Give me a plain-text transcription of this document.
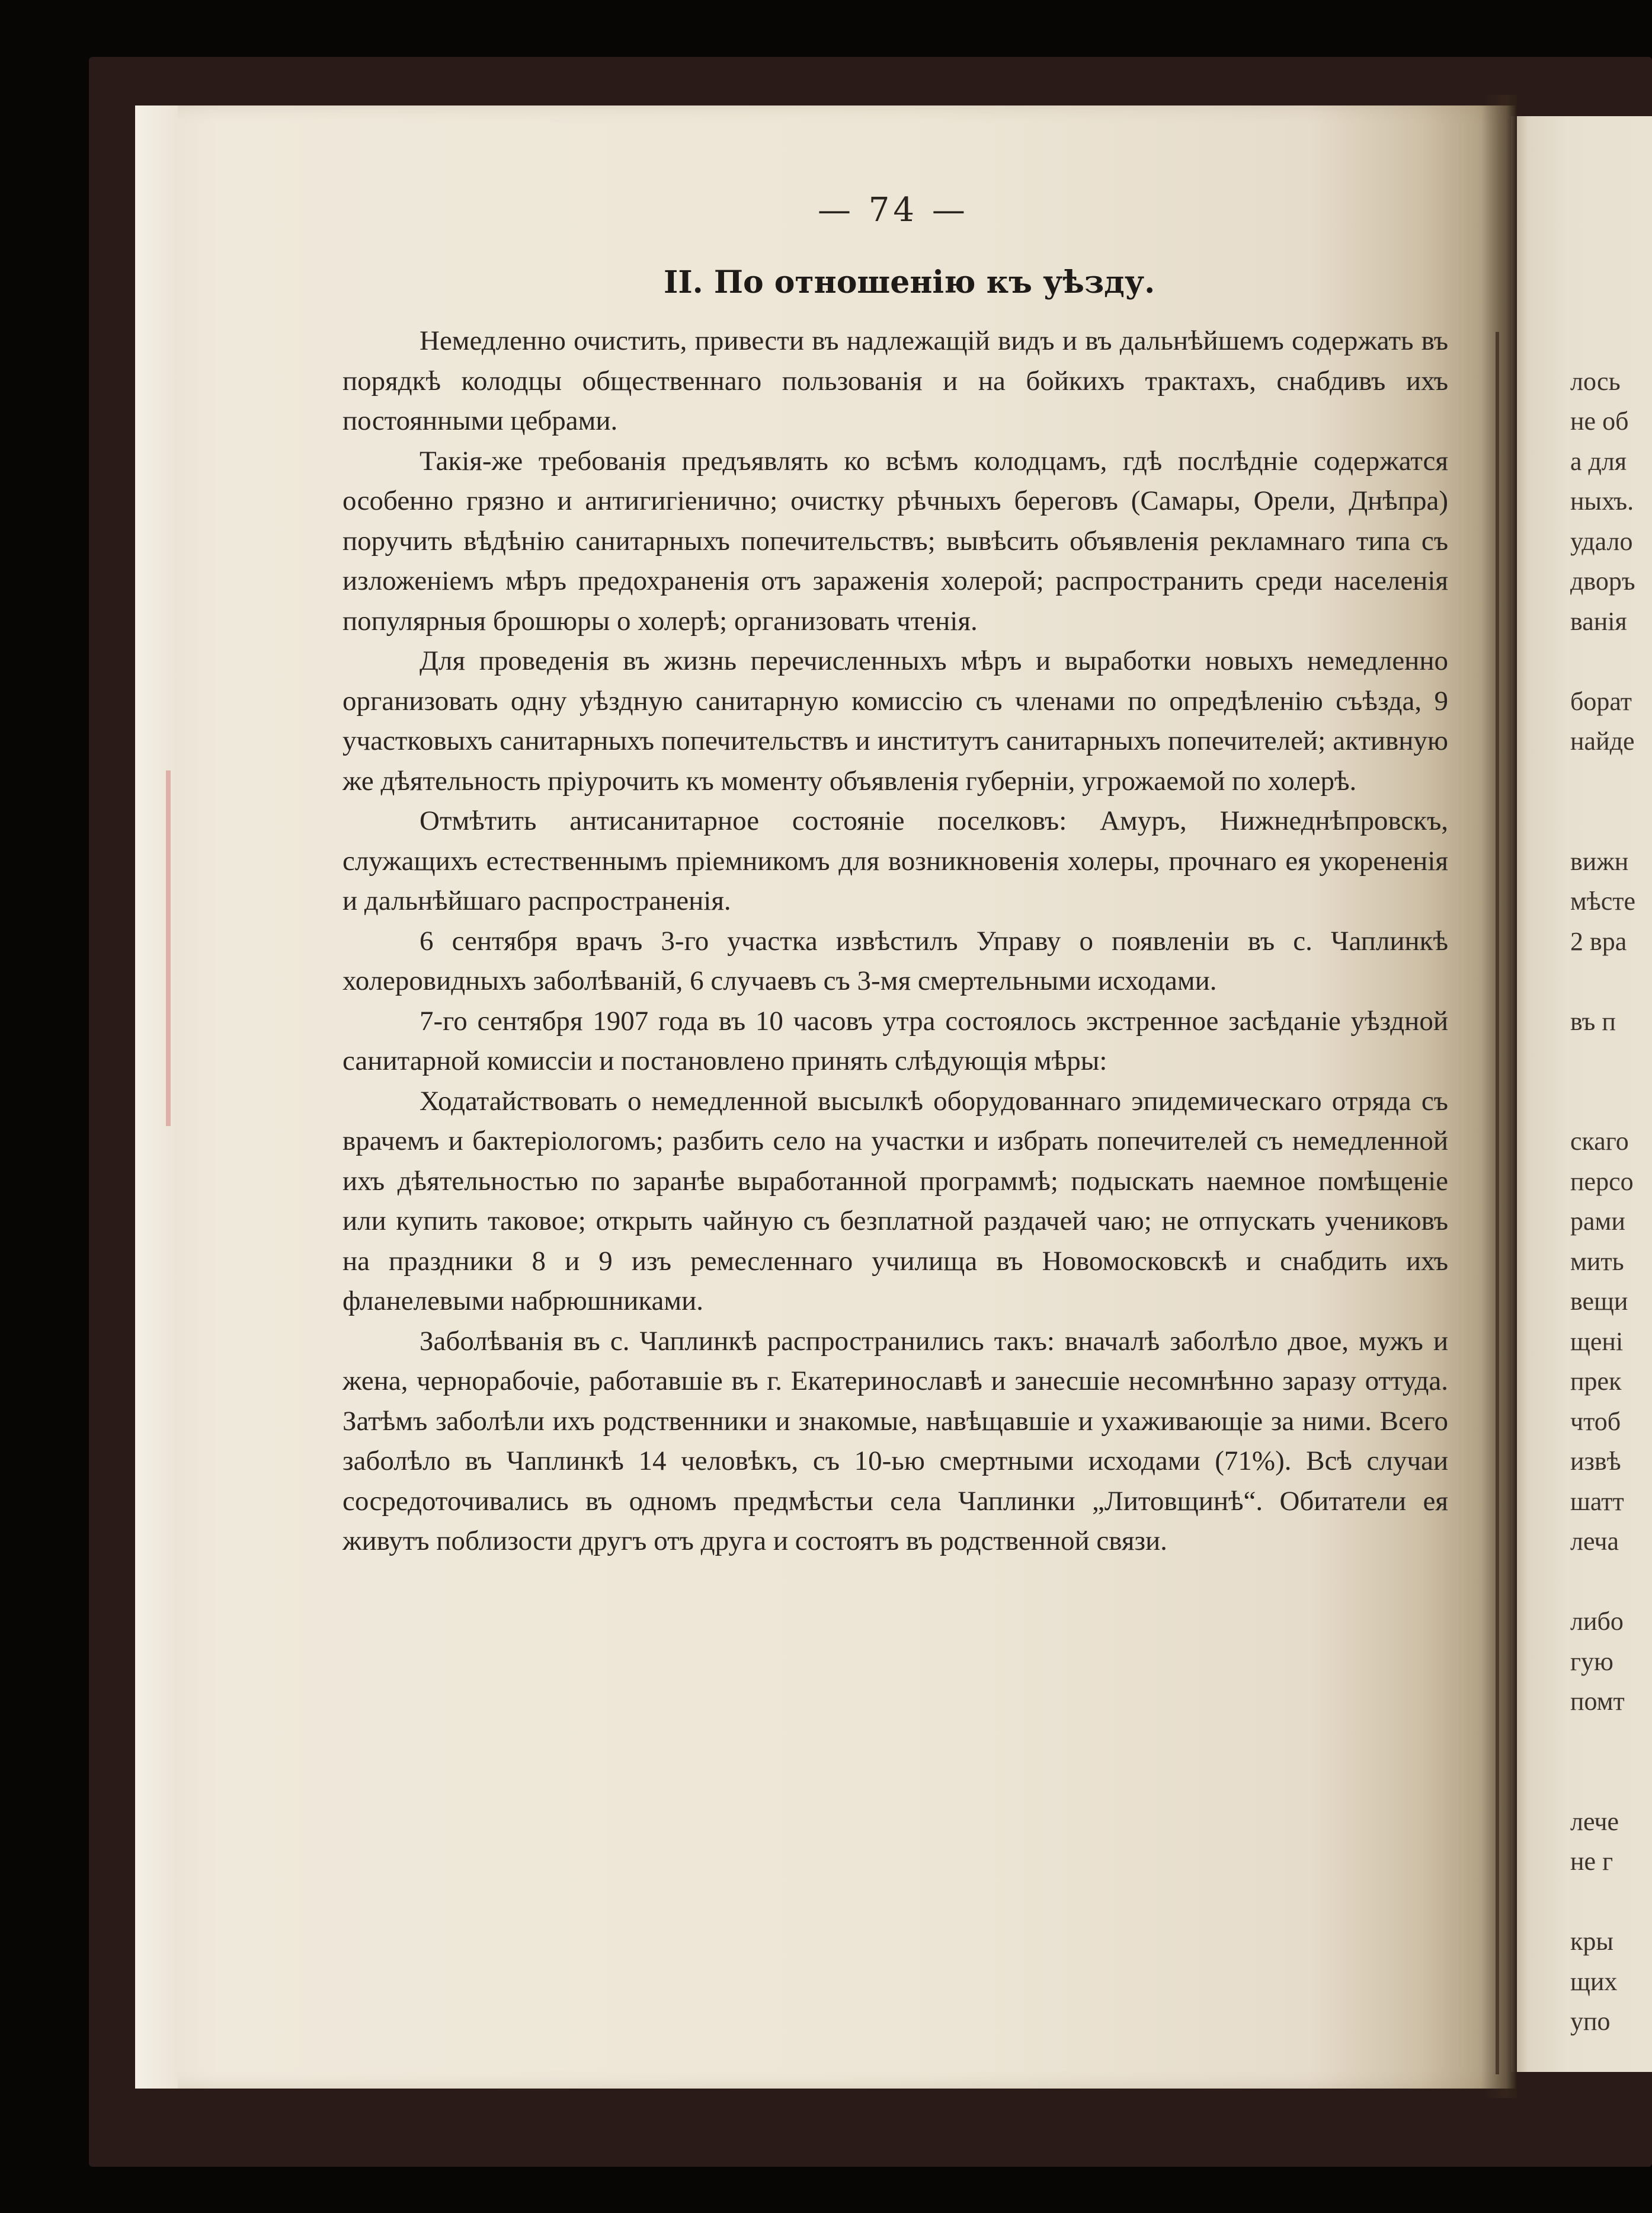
— 74 —
II. По отношенію къ уѣзду.

Немедленно очистить, привести въ надлежащій видъ и въ дальнѣйшемъ содержать въ порядкѣ колодцы общественнаго пользованія и на бойкихъ трактахъ, снабдивъ ихъ постоянными цебрами.

Такія-же требованія предъявлять ко всѣмъ колодцамъ, гдѣ послѣдніе содержатся особенно грязно и антигигіенично; очистку рѣчныхъ береговъ (Самары, Орели, Днѣпра) поручить вѣдѣнію санитарныхъ попечительствъ; вывѣсить объявленія рекламнаго типа съ изложеніемъ мѣръ предохраненія отъ зараженія холерой; распространить среди населенія популярныя брошюры о холерѣ; организовать чтенія.

Для проведенія въ жизнь перечисленныхъ мѣръ и выработки новыхъ немедленно организовать одну уѣздную санитарную комиссію съ членами по опредѣленію съѣзда, 9 участковыхъ санитарныхъ попечительствъ и институтъ санитарныхъ попечителей; активную же дѣятельность пріурочить къ моменту объявленія губерніи, угрожаемой по холерѣ.

Отмѣтить антисанитарное состояніе поселковъ: Амуръ, Нижнеднѣпровскъ, служащихъ естественнымъ пріемникомъ для возникновенія холеры, прочнаго ея укорененія и дальнѣйшаго распространенія.

6 сентября врачъ 3-го участка извѣстилъ Управу о появленіи въ с. Чаплинкѣ холеровидныхъ заболѣваній, 6 случаевъ съ 3-мя смертельными исходами.

7-го сентября 1907 года въ 10 часовъ утра состоялось экстренное засѣданіе уѣздной санитарной комиссіи и постановлено принять слѣдующія мѣры:

Ходатайствовать о немедленной высылкѣ оборудованнаго эпидемическаго отряда съ врачемъ и бактеріологомъ; разбить село на участки и избрать попечителей съ немедленной ихъ дѣятельностью по заранѣе выработанной программѣ; подыскать наемное помѣщеніе или купить таковое; открыть чайную съ безплатной раздачей чаю; не отпускать учениковъ на праздники 8 и 9 изъ ремесленнаго училища въ Новомосковскѣ и снабдить ихъ фланелевыми набрюшниками.

Заболѣванія въ с. Чаплинкѣ распространились такъ: вначалѣ заболѣло двое, мужъ и жена, чернорабочіе, работавшіе въ г. Екатеринославѣ и занесшіе несомнѣнно заразу оттуда. Затѣмъ заболѣли ихъ родственники и знакомые, навѣщавшіе и ухаживающіе за ними. Всего заболѣло въ Чаплинкѣ 14 человѣкъ, съ 10-ью смертными исходами (71%). Всѣ случаи сосредоточивались въ одномъ предмѣстьи села Чаплинки „Литовщинѣ“. Обитатели ея живутъ поблизости другъ отъ друга и состоятъ въ родственной связи.

лось
не об
а для
ныхъ.
удало
дворъ
ванія
борат
найде
вижн
мѣсте
2 вра
въ п
скаго
персо
рами
мить
вещи
щені
прек
чтоб
извѣ
шатт
леча
либо
гую
помт
лече
не г
кры
щих
упо
